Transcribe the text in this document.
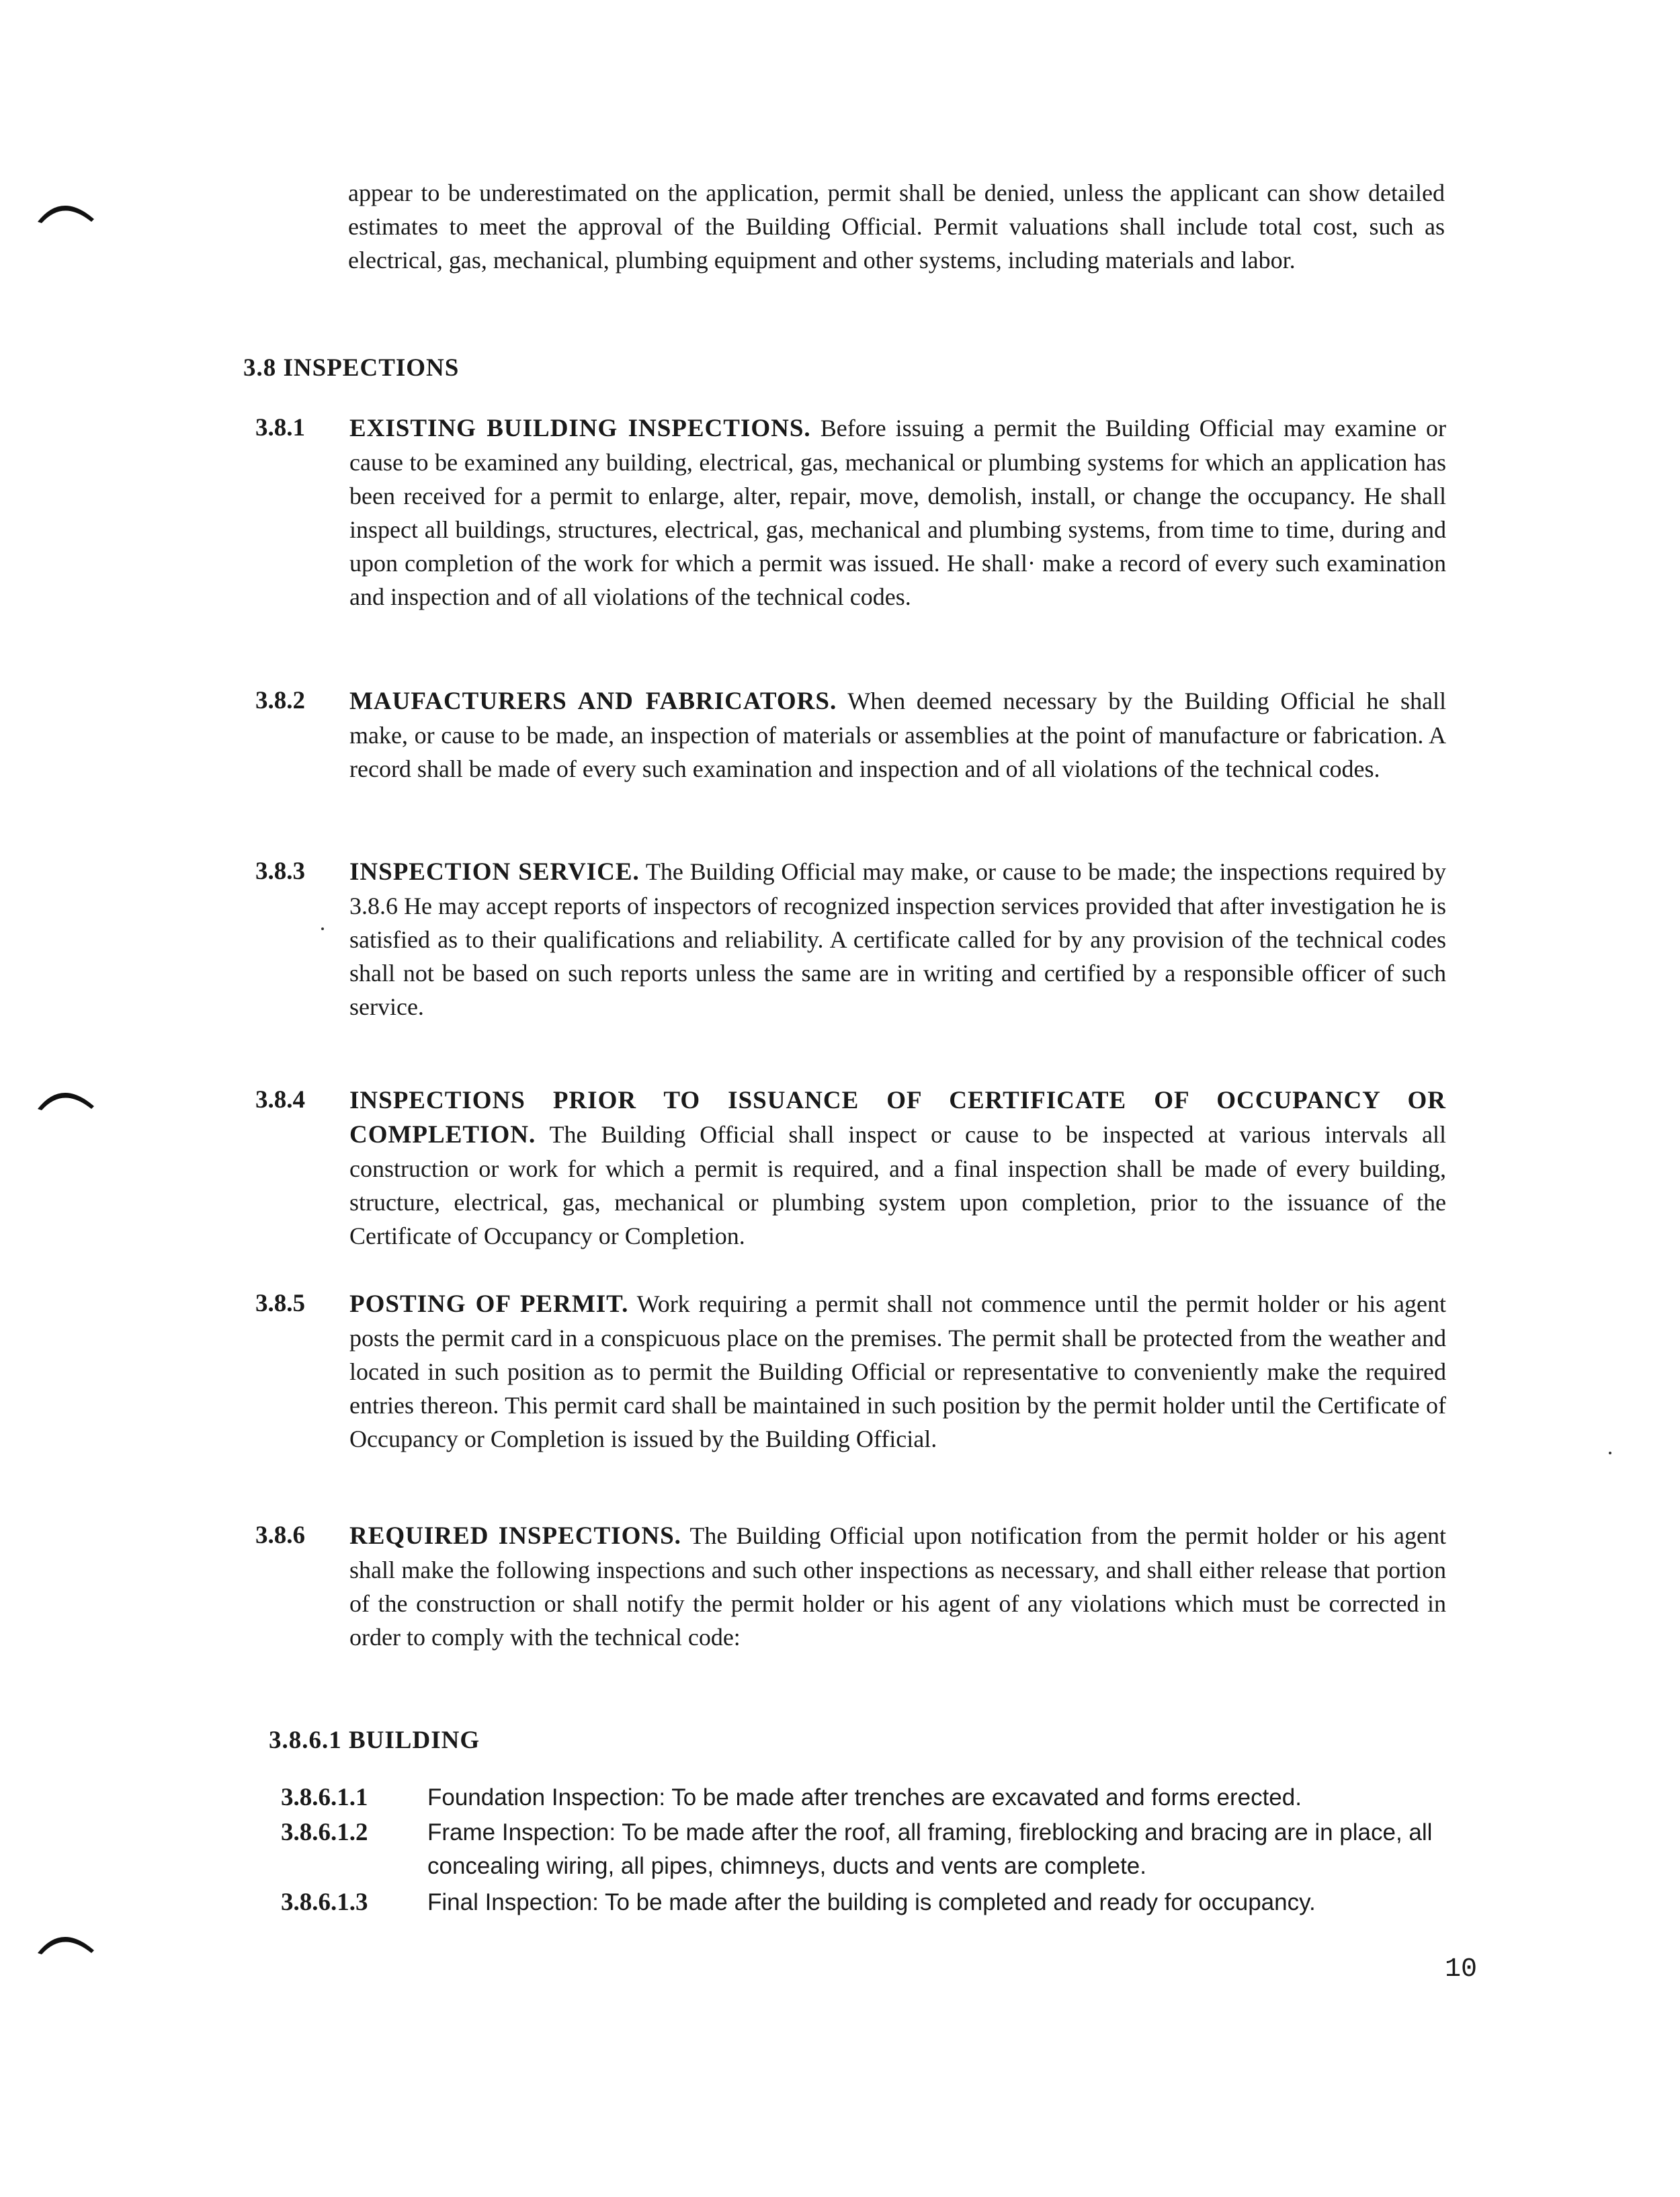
appear to be underestimated on the application, permit shall be denied, unless the applicant can show detailed estimates to meet the approval of the Building Official. Permit valuations shall include total cost, such as electrical, gas, mechanical, plumbing equipment and other systems, including materials and labor.

3.8 INSPECTIONS
3.8.1 EXISTING BUILDING INSPECTIONS. Before issuing a permit the Building Official may examine or cause to be examined any building, electrical, gas, mechanical or plumbing systems for which an application has been received for a permit to enlarge, alter, repair, move, demolish, install, or change the occupancy. He shall inspect all buildings, structures, electrical, gas, mechanical and plumbing systems, from time to time, during and upon completion of the work for which a permit was issued. He shall· make a record of every such examination and inspection and of all violations of the technical codes.
3.8.2 MAUFACTURERS AND FABRICATORS. When deemed necessary by the Building Official he shall make, or cause to be made, an inspection of materials or assemblies at the point of manufacture or fabrication. A record shall be made of every such examination and inspection and of all violations of the technical codes.
3.8.3 INSPECTION SERVICE. The Building Official may make, or cause to be made; the inspections required by 3.8.6 He may accept reports of inspectors of recognized inspection services provided that after investigation he is satisfied as to their qualifications and reliability. A certificate called for by any provision of the technical codes shall not be based on such reports unless the same are in writing and certified by a responsible officer of such service.
3.8.4 INSPECTIONS PRIOR TO ISSUANCE OF CERTIFICATE OF OCCUPANCY OR COMPLETION. The Building Official shall inspect or cause to be inspected at various intervals all construction or work for which a permit is required, and a final inspection shall be made of every building, structure, electrical, gas, mechanical or plumbing system upon completion, prior to the issuance of the Certificate of Occupancy or Completion.
3.8.5 POSTING OF PERMIT. Work requiring a permit shall not commence until the permit holder or his agent posts the permit card in a conspicuous place on the premises. The permit shall be protected from the weather and located in such position as to permit the Building Official or representative to conveniently make the required entries thereon. This permit card shall be maintained in such position by the permit holder until the Certificate of Occupancy or Completion is issued by the Building Official.
3.8.6 REQUIRED INSPECTIONS. The Building Official upon notification from the permit holder or his agent shall make the following inspections and such other inspections as necessary, and shall either release that portion of the construction or shall notify the permit holder or his agent of any violations which must be corrected in order to comply with the technical code:
3.8.6.1 BUILDING
3.8.6.1.1	Foundation Inspection: To be made after trenches are excavated and forms erected.
3.8.6.1.2	Frame Inspection: To be made after the roof, all framing, fireblocking and bracing are in place, all concealing wiring, all pipes, chimneys, ducts and vents are complete.
3.8.6.1.3	Final Inspection: To be made after the building is completed and ready for occupancy.
10
